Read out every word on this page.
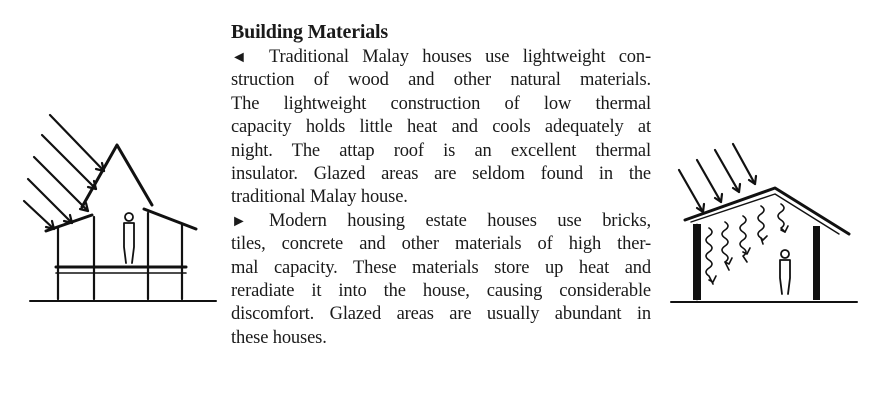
Building Materials

◄ Traditional Malay houses use lightweight con-
struction of wood and other natural materials.
The lightweight construction of low thermal
capacity holds little heat and cools adequately at
night. The attap roof is an excellent thermal
insulator. Glazed areas are seldom found in the
traditional Malay house.

► Modern housing estate houses use bricks,
tiles, concrete and other materials of high ther-
mal capacity. These materials store up heat and
reradiate it into the house, causing considerable
discomfort. Glazed areas are usually abundant in
these houses.
